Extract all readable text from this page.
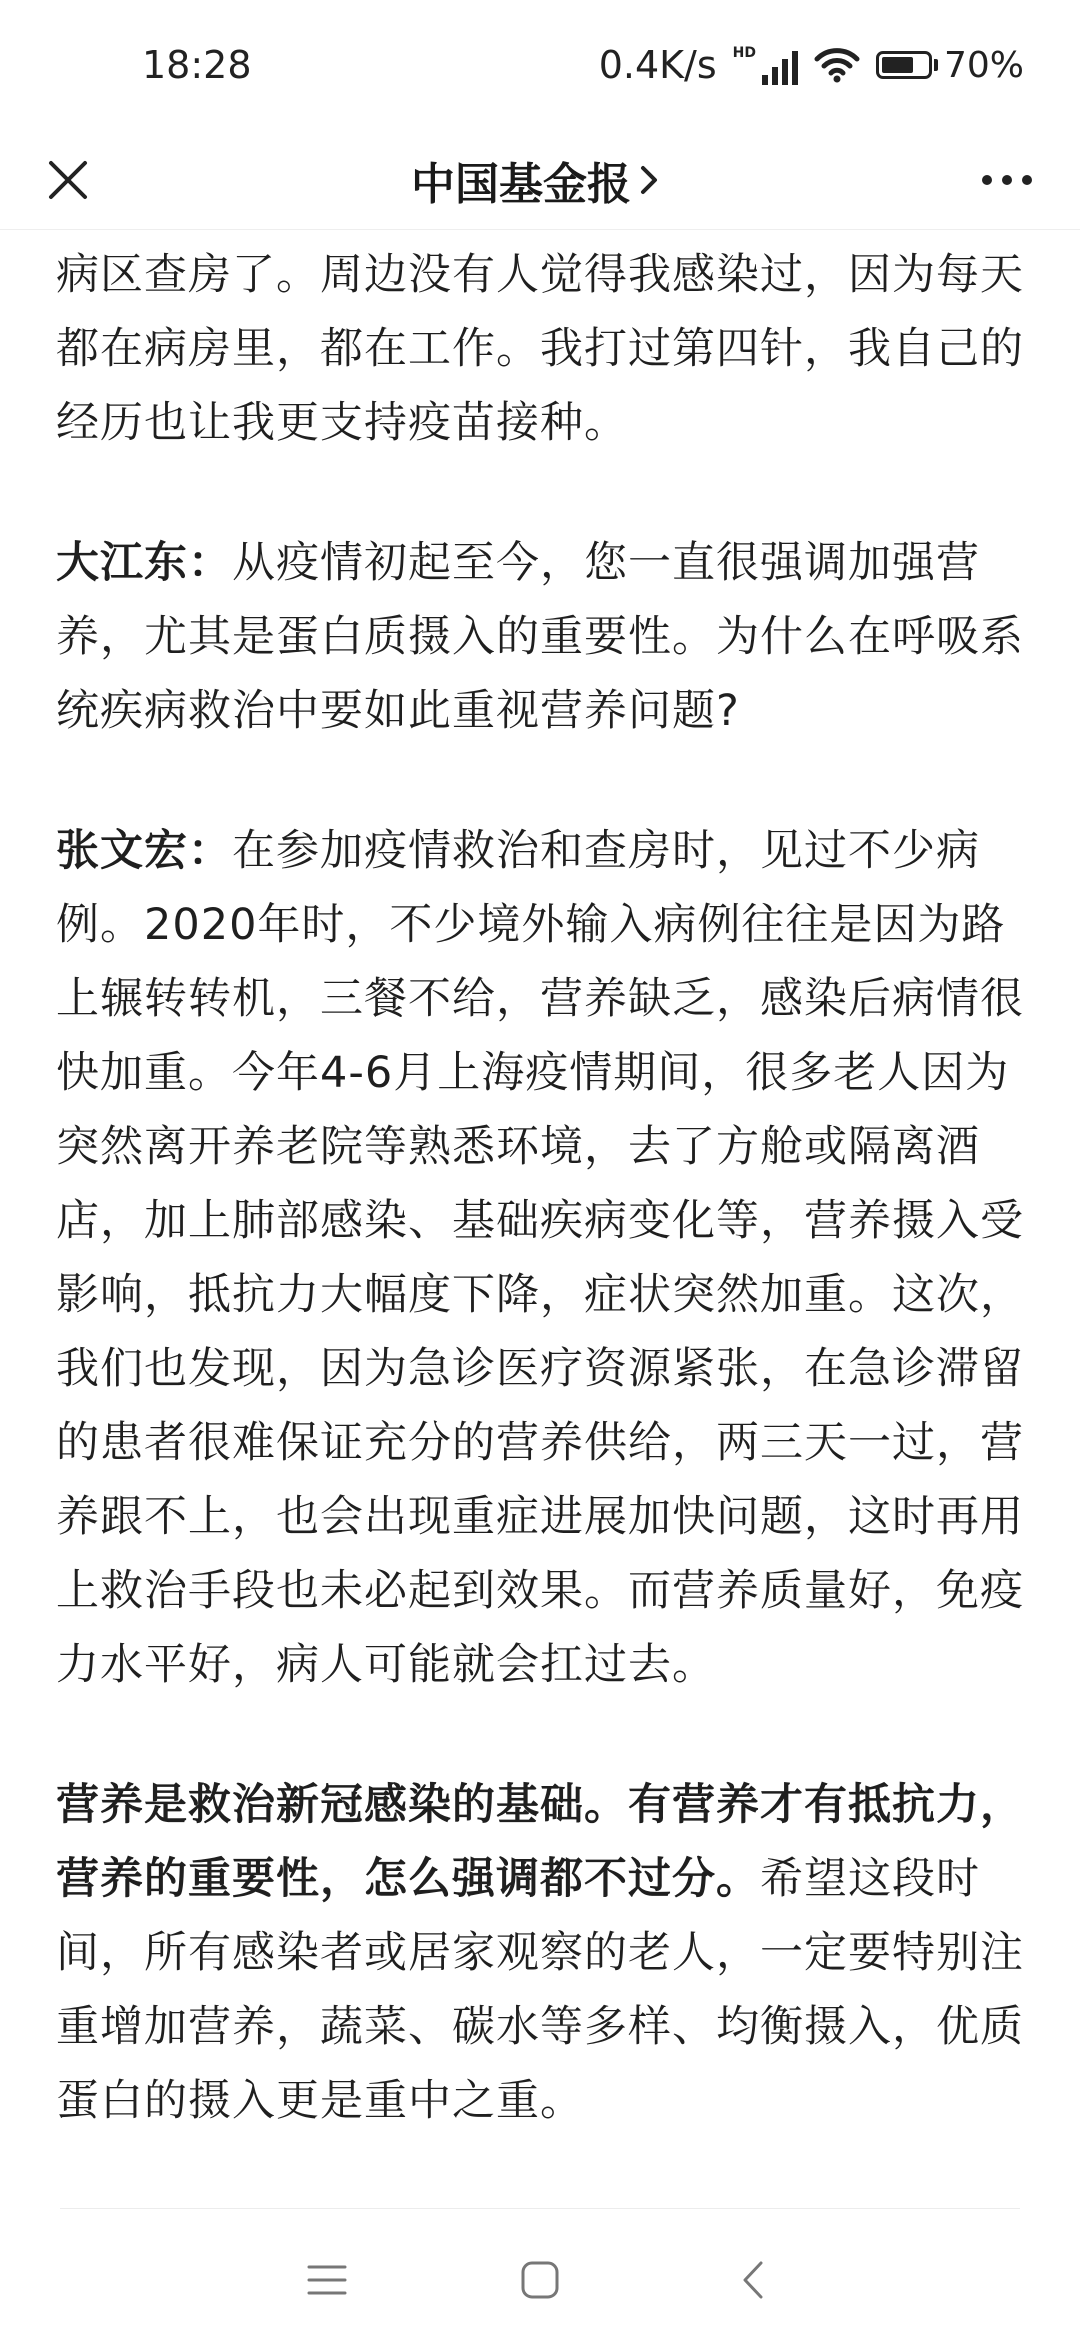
18:28	0.4K/s HD	70%
中国基金报

病区查房了。周边没有人觉得我感染过，因为每天都在病房里，都在工作。我打过第四针，我自己的经历也让我更支持疫苗接种。

大江东：从疫情初起至今，您一直很强调加强营养，尤其是蛋白质摄入的重要性。为什么在呼吸系统疾病救治中要如此重视营养问题?

张文宏：在参加疫情救治和查房时，见过不少病例。2020年时，不少境外输入病例往往是因为路上辗转转机，三餐不给，营养缺乏，感染后病情很快加重。今年4-6月上海疫情期间，很多老人因为突然离开养老院等熟悉环境，去了方舱或隔离酒店，加上肺部感染、基础疾病变化等，营养摄入受影响，抵抗力大幅度下降，症状突然加重。这次，我们也发现，因为急诊医疗资源紧张，在急诊滞留的患者很难保证充分的营养供给，两三天一过，营养跟不上，也会出现重症进展加快问题，这时再用上救治手段也未必起到效果。而营养质量好，免疫力水平好，病人可能就会扛过去。

营养是救治新冠感染的基础。有营养才有抵抗力，营养的重要性，怎么强调都不过分。希望这段时间，所有感染者或居家观察的老人，一定要特别注重增加营养，蔬菜、碳水等多样、均衡摄入，优质蛋白的摄入更是重中之重。
